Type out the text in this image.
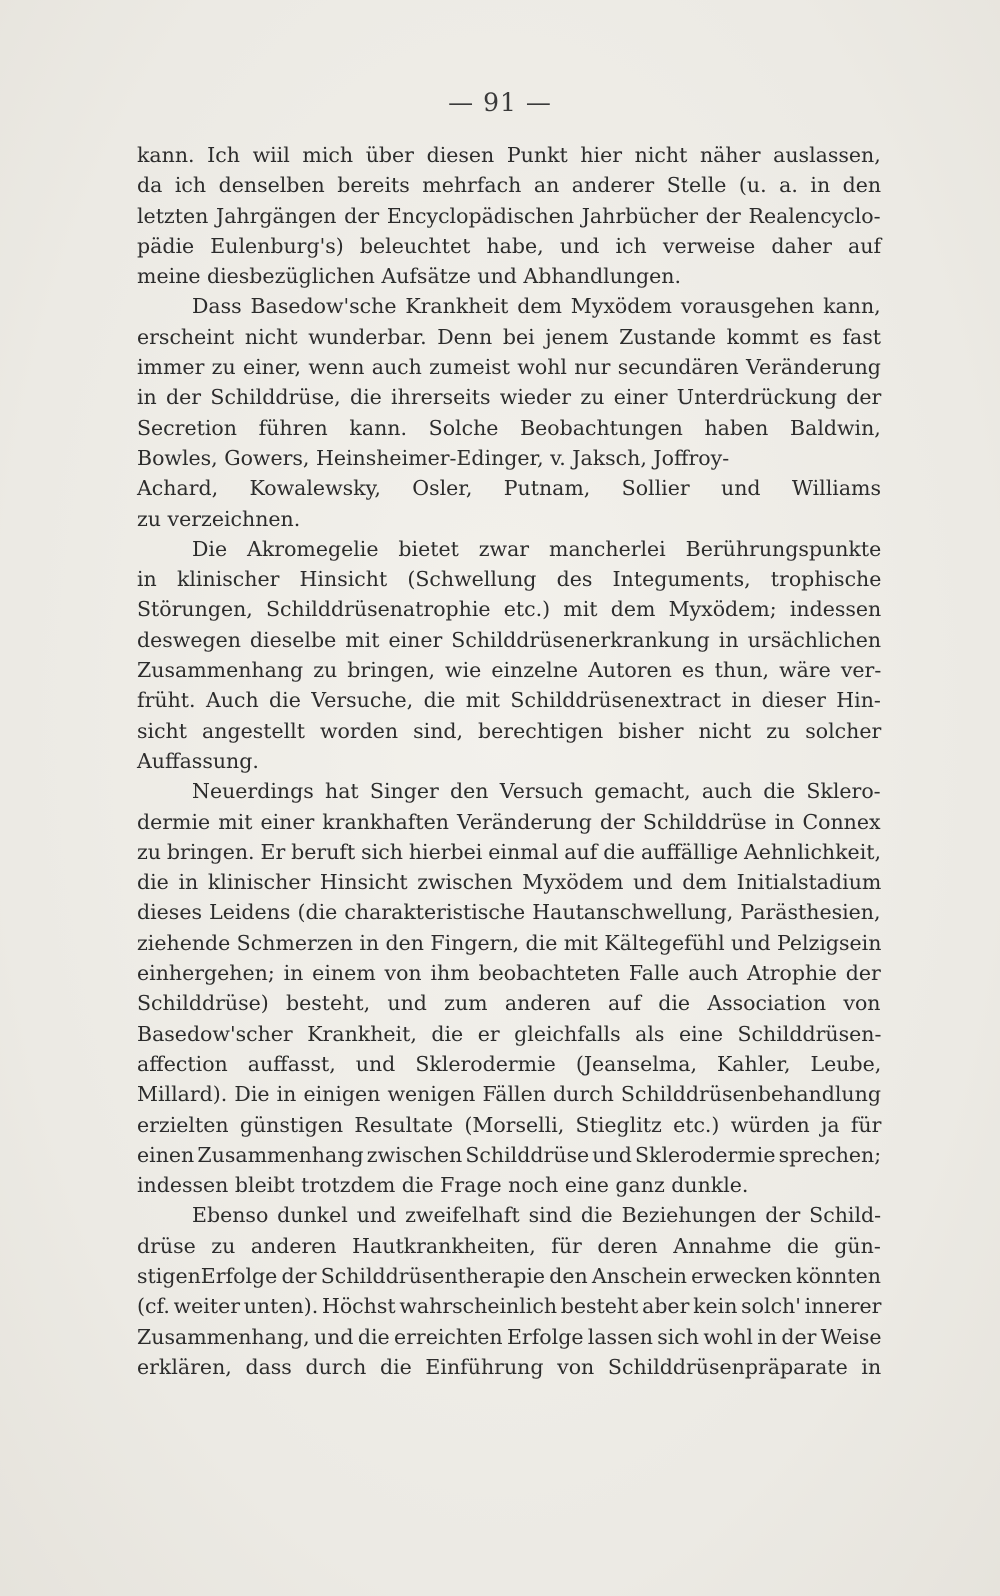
— 91 —
kann. Ich wiil mich über diesen Punkt hier nicht näher auslassen,
da ich denselben bereits mehrfach an anderer Stelle (u. a. in den
letzten Jahrgängen der Encyclopädischen Jahrbücher der Realencyclo-
pädie Eulenburg's) beleuchtet habe, und ich verweise daher auf
meine diesbezüglichen Aufsätze und Abhandlungen.
Dass Basedow'sche Krankheit dem Myxödem vorausgehen kann,
erscheint nicht wunderbar. Denn bei jenem Zustande kommt es fast
immer zu einer, wenn auch zumeist wohl nur secundären Veränderung
in der Schilddrüse, die ihrerseits wieder zu einer Unterdrückung der
Secretion führen kann. Solche Beobachtungen haben Baldwin,
Bowles, Gowers, Heinsheimer-Edinger, v. Jaksch, Joffroy-
Achard, Kowalewsky, Osler, Putnam, Sollier und Williams
zu verzeichnen.
Die Akromegelie bietet zwar mancherlei Berührungspunkte
in klinischer Hinsicht (Schwellung des Integuments, trophische
Störungen, Schilddrüsenatrophie etc.) mit dem Myxödem; indessen
deswegen dieselbe mit einer Schilddrüsenerkrankung in ursächlichen
Zusammenhang zu bringen, wie einzelne Autoren es thun, wäre ver-
früht. Auch die Versuche, die mit Schilddrüsenextract in dieser Hin-
sicht angestellt worden sind, berechtigen bisher nicht zu solcher
Auffassung.
Neuerdings hat Singer den Versuch gemacht, auch die Sklero-
dermie mit einer krankhaften Veränderung der Schilddrüse in Connex
zu bringen. Er beruft sich hierbei einmal auf die auffällige Aehnlichkeit,
die in klinischer Hinsicht zwischen Myxödem und dem Initialstadium
dieses Leidens (die charakteristische Hautanschwellung, Parästhesien,
ziehende Schmerzen in den Fingern, die mit Kältegefühl und Pelzigsein
einhergehen; in einem von ihm beobachteten Falle auch Atrophie der
Schilddrüse) besteht, und zum anderen auf die Association von
Basedow'scher Krankheit, die er gleichfalls als eine Schilddrüsen-
affection auffasst, und Sklerodermie (Jeanselma, Kahler, Leube,
Millard). Die in einigen wenigen Fällen durch Schilddrüsenbehandlung
erzielten günstigen Resultate (Morselli, Stieglitz etc.) würden ja für
einen Zusammenhang zwischen Schilddrüse und Sklerodermie sprechen;
indessen bleibt trotzdem die Frage noch eine ganz dunkle.
Ebenso dunkel und zweifelhaft sind die Beziehungen der Schild-
drüse zu anderen Hautkrankheiten, für deren Annahme die gün-
stigenErfolge der Schilddrüsentherapie den Anschein erwecken könnten
(cf. weiter unten). Höchst wahrscheinlich besteht aber kein solch' innerer
Zusammenhang, und die erreichten Erfolge lassen sich wohl in der Weise
erklären, dass durch die Einführung von Schilddrüsenpräparate in
